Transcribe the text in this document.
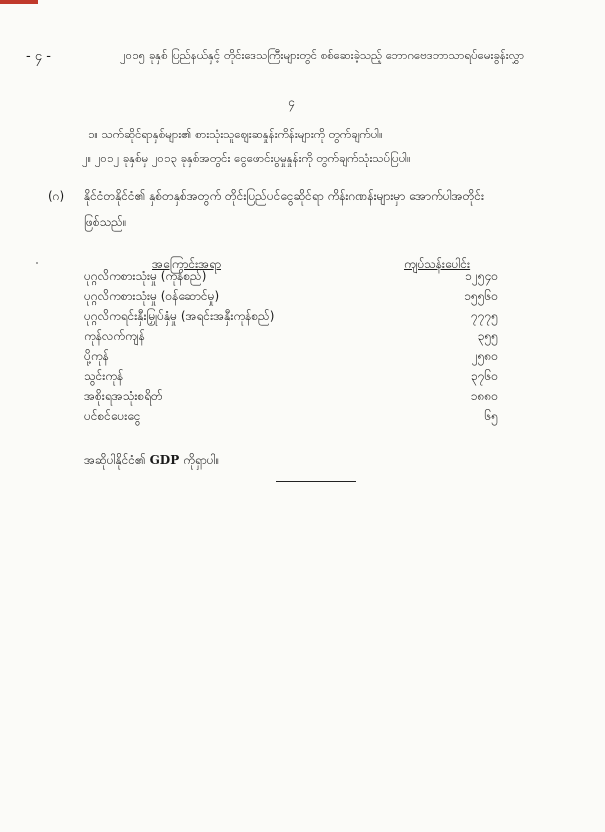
- ၄ -	၂၀၁၅ ခုနှစ် ပြည်နယ်နှင့် တိုင်းဒေသကြီးများတွင် စစ်ဆေးခဲ့သည့် ဘောဂဗေဒဘာသာရပ်မေးခွန်းလွှာ
၄
၁။ သက်ဆိုင်ရာနှစ်များ၏ စားသုံးသူဈေးဆနှုန်းကိန်းများကို တွက်ချက်ပါ။
၂။ ၂၀၁၂ ခုနှစ်မှ ၂၀၁၃ ခုနှစ်အတွင်း ငွေဖောင်းပွမှုနှုန်းကို တွက်ချက်သုံးသပ်ပြပါ။
(ဂ) နိုင်ငံတနိုင်ငံ၏ နှစ်တနှစ်အတွက် တိုင်းပြည်ပင်ငွေဆိုင်ရာ ကိန်းဂဏန်းများမှာ အောက်ပါအတိုင်း
ဖြစ်သည်။
အကြောင်းအရာ	ကျပ်သန်းပေါင်း
ပုဂ္ဂလိကစားသုံးမှု (ကုန်စည်)	၁၂၅၄၀
ပုဂ္ဂလိကစားသုံးမှု (ဝန်ဆောင်မှု)	၁၅၅၆၀
ပုဂ္ဂလိကရင်းနှီးမြှုပ်နှံမှု (အရင်းအနှီးကုန်စည်)	၇၇၇၅
ကုန်လက်ကျန်	၃၅၅
ပို့ကုန်	၂၅၈၀
သွင်းကုန်	၃၇၆၀
အစိုးရအသုံးစရိတ်	၁၈၈၀
ပင်စင်ပေးငွေ	၆၅
အဆိုပါနိုင်ငံ၏ GDP ကိုရှာပါ။
